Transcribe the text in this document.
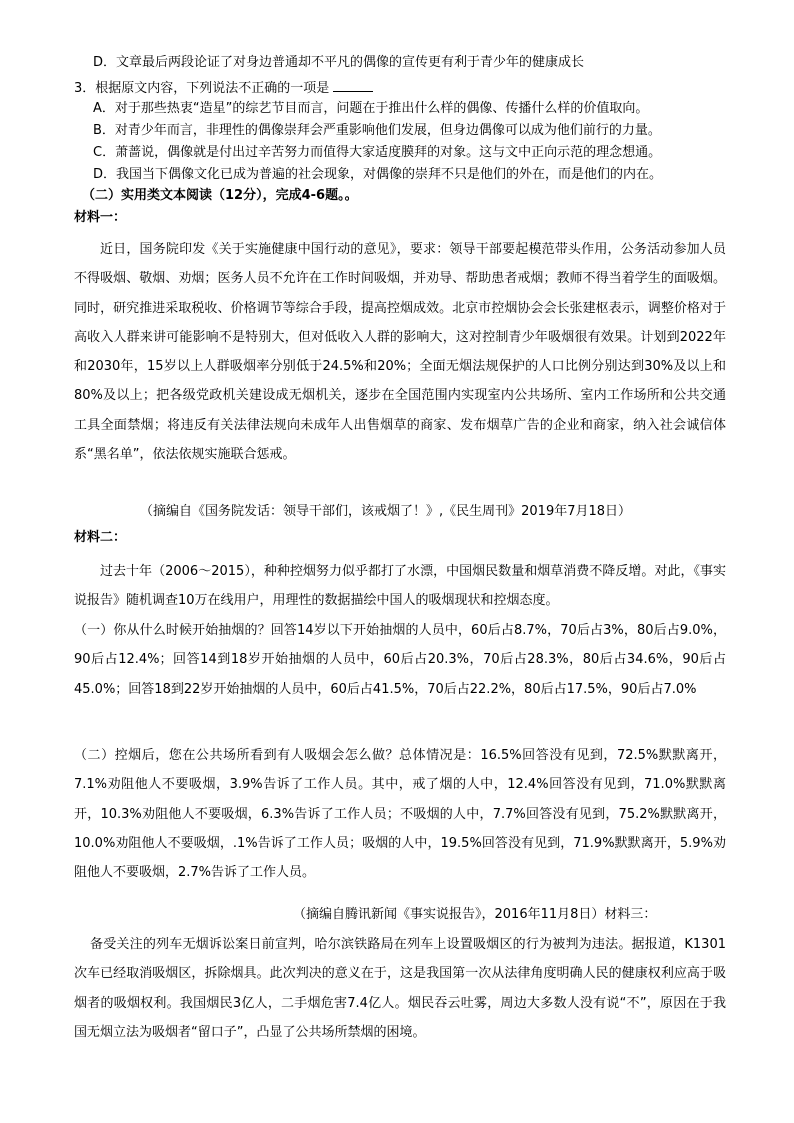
D．文章最后两段论证了对身边普通却不平凡的偶像的宣传更有利于青少年的健康成长
3．根据原文内容，下列说法不正确的一项是
A．对于那些热衷“造星”的综艺节目而言，问题在于推出什么样的偶像、传播什么样的价值取向。
B．对青少年而言，非理性的偶像崇拜会严重影响他们发展，但身边偶像可以成为他们前行的力量。
C．萧蔷说，偶像就是付出过辛苦努力而值得大家适度膜拜的对象。这与文中正向示范的理念想通。
D．我国当下偶像文化已成为普遍的社会现象，对偶像的崇拜不只是他们的外在，而是他们的内在。
（二）实用类文本阅读（12分），完成4-6题。。
材料一：
近日，国务院印发《关于实施健康中国行动的意见》，要求：领导干部要起模范带头作用，公务活动参加人员不得吸烟、敬烟、劝烟；医务人员不允许在工作时间吸烟，并劝导、帮助患者戒烟；教师不得当着学生的面吸烟。同时，研究推进采取税收、价格调节等综合手段，提高控烟成效。北京市控烟协会会长张建枢表示，调整价格对于高收入人群来讲可能影响不是特别大，但对低收入人群的影响大，这对控制青少年吸烟很有效果。计划到2022年和2030年，15岁以上人群吸烟率分别低于24.5%和20%；全面无烟法规保护的人口比例分别达到30%及以上和80%及以上；把各级党政机关建设成无烟机关，逐步在全国范围内实现室内公共场所、室内工作场所和公共交通工具全面禁烟；将违反有关法律法规向未成年人出售烟草的商家、发布烟草广告的企业和商家，纳入社会诚信体系“黑名单”，依法依规实施联合惩戒。
（摘编自《国务院发话：领导干部们，该戒烟了！》,《民生周刊》2019年7月18日）
材料二：
过去十年（2006～2015），种种控烟努力似乎都打了水漂，中国烟民数量和烟草消费不降反增。对此，《事实说报告》随机调查10万在线用户，用理性的数据描绘中国人的吸烟现状和控烟态度。
（一）你从什么时候开始抽烟的？回答14岁以下开始抽烟的人员中，60后占8.7%，70后占3%，80后占9.0%，90后占12.4%；回答14到18岁开始抽烟的人员中，60后占20.3%，70后占28.3%，80后占34.6%，90后占45.0%；回答18到22岁开始抽烟的人员中，60后占41.5%，70后占22.2%，80后占17.5%，90后占7.0%
（二）控烟后，您在公共场所看到有人吸烟会怎么做？总体情况是：16.5%回答没有见到，72.5%默默离开，7.1%劝阻他人不要吸烟，3.9%告诉了工作人员。其中，戒了烟的人中，12.4%回答没有见到，71.0%默默离开，10.3%劝阻他人不要吸烟，6.3%告诉了工作人员；不吸烟的人中，7.7%回答没有见到，75.2%默默离开，10.0%劝阻他人不要吸烟，.1%告诉了工作人员；吸烟的人中，19.5%回答没有见到，71.9%默默离开，5.9%劝阻他人不要吸烟，2.7%告诉了工作人员。
（摘编自腾讯新闻《事实说报告》，2016年11月8日）材料三：
备受关注的列车无烟诉讼案日前宣判，哈尔滨铁路局在列车上设置吸烟区的行为被判为违法。据报道，K1301次车已经取消吸烟区，拆除烟具。此次判决的意义在于，这是我国第一次从法律角度明确人民的健康权利应高于吸烟者的吸烟权利。我国烟民3亿人，二手烟危害7.4亿人。烟民吞云吐雾，周边大多数人没有说“不”，原因在于我国无烟立法为吸烟者“留口子”，凸显了公共场所禁烟的困境。
